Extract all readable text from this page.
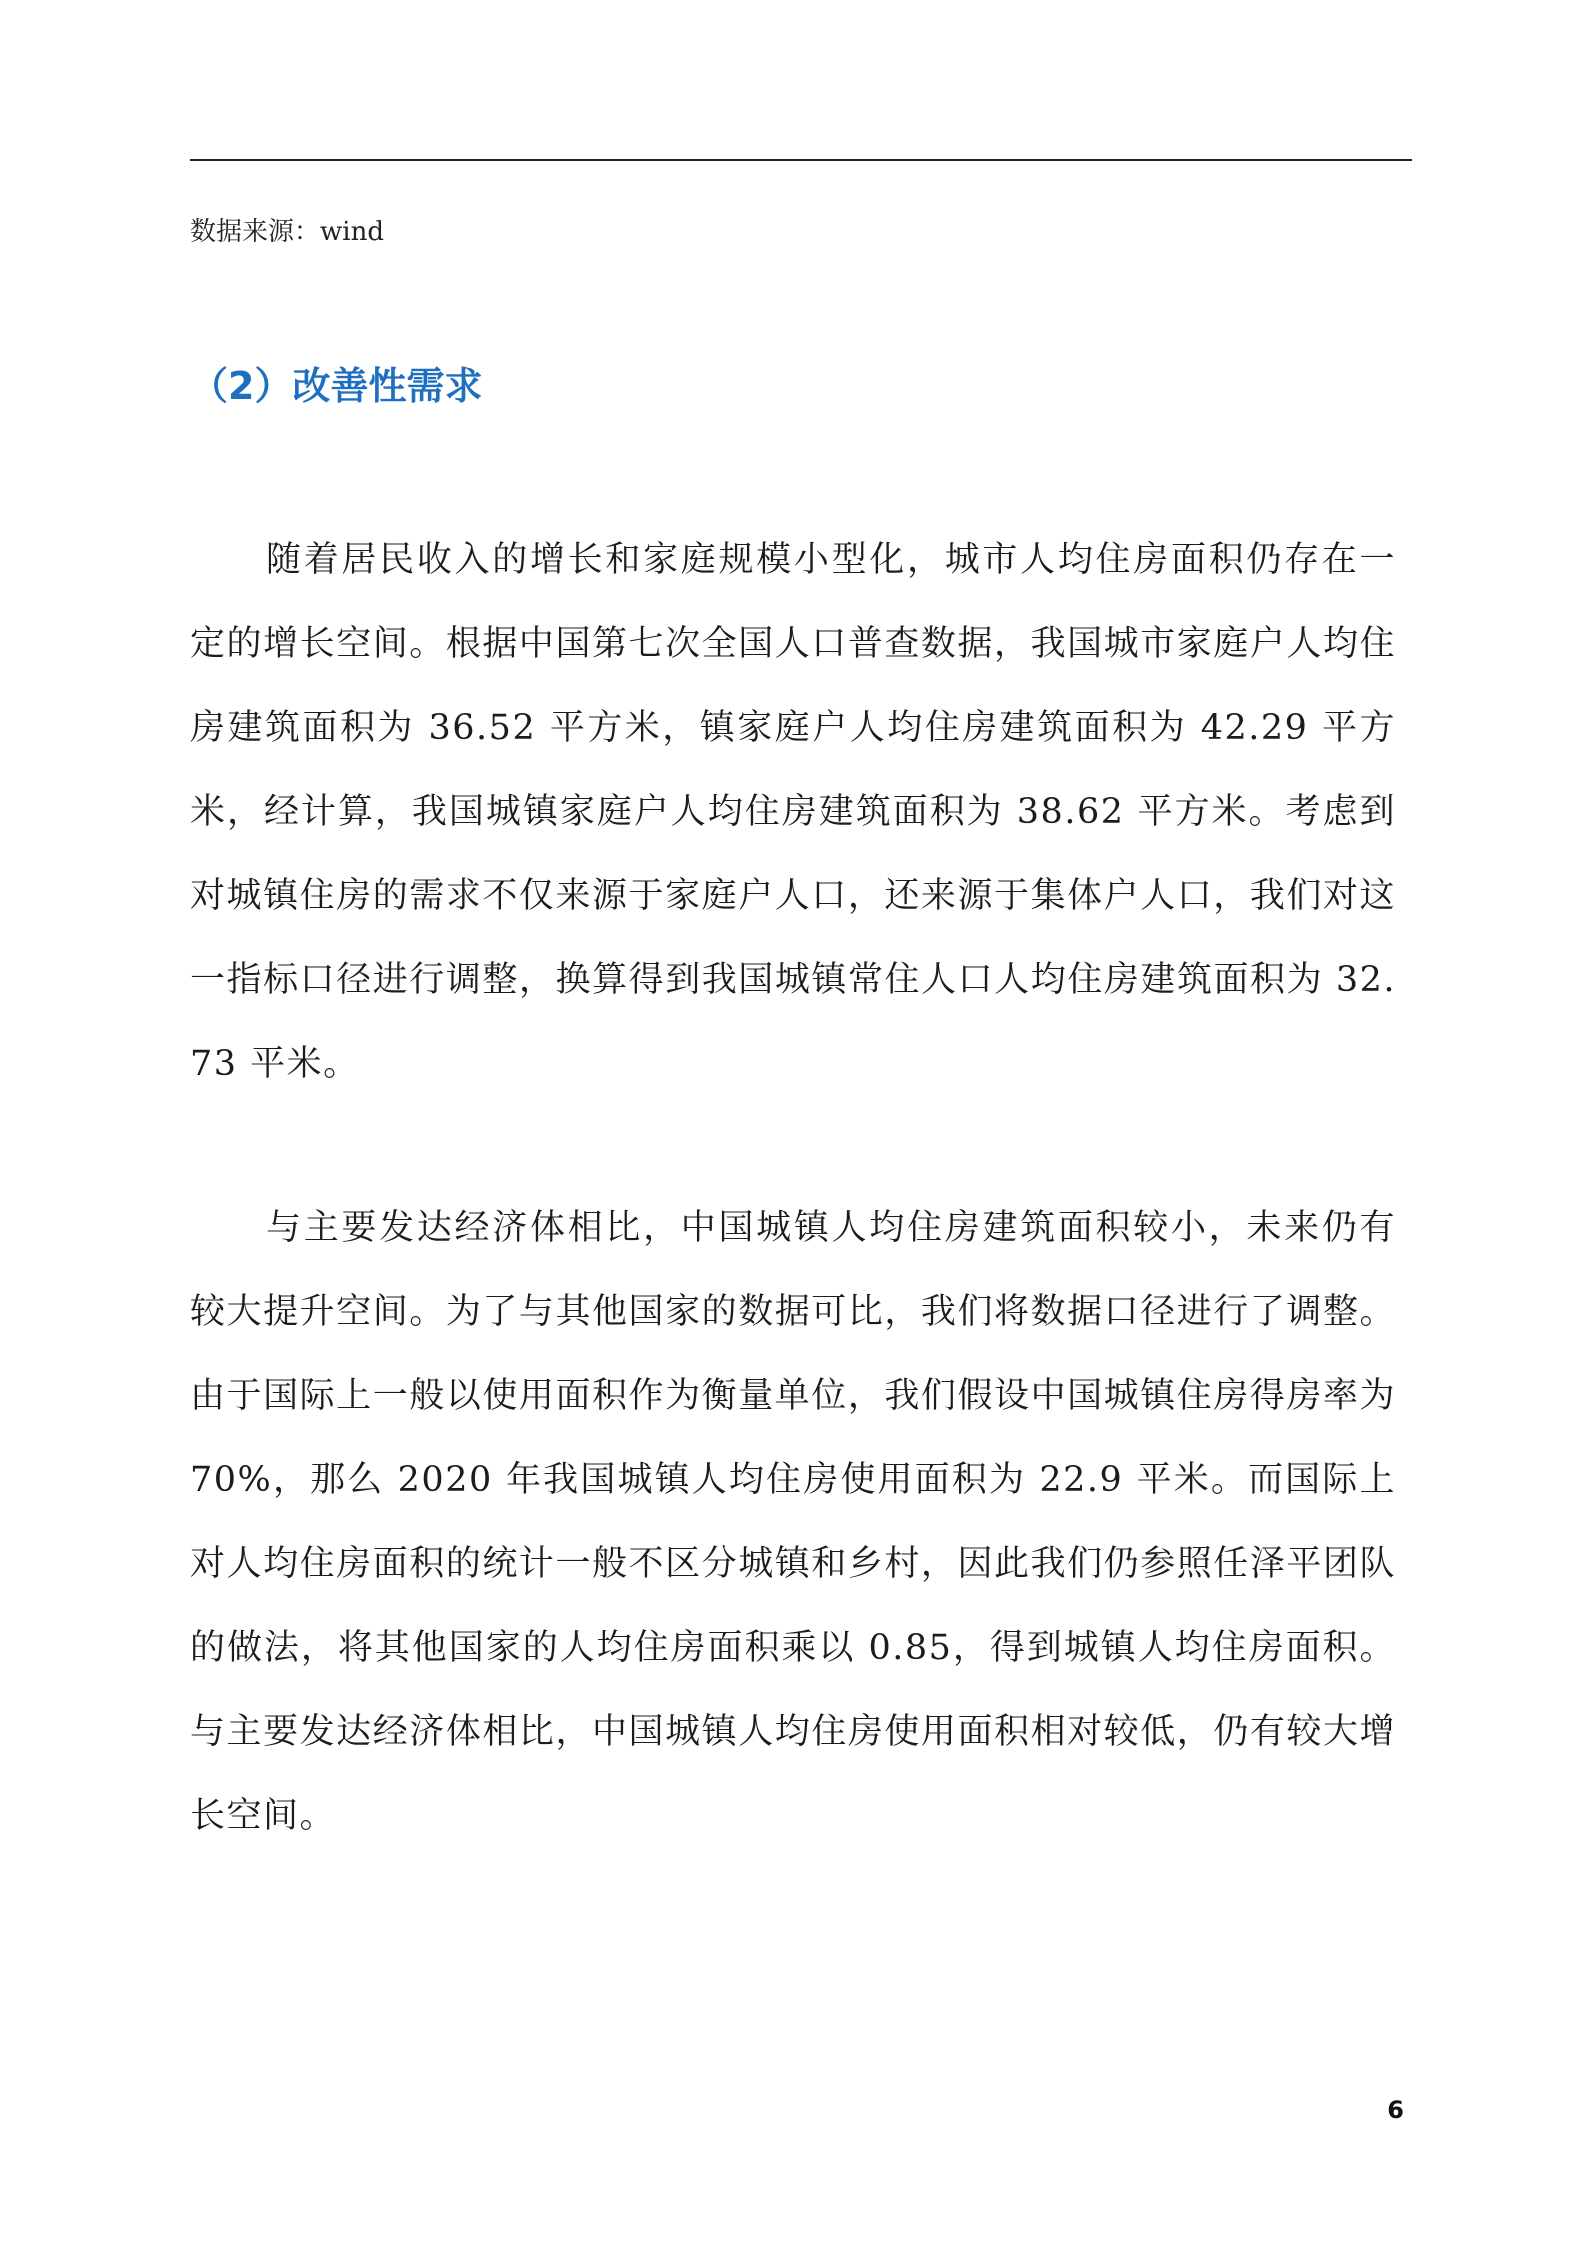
数据来源：wind
（2）改善性需求

随着居民收入的增长和家庭规模小型化，城市人均住房面积仍存在一定的增长空间。根据中国第七次全国人口普查数据，我国城市家庭户人均住房建筑面积为 36.52 平方米，镇家庭户人均住房建筑面积为 42.29 平方米，经计算，我国城镇家庭户人均住房建筑面积为 38.62 平方米。考虑到对城镇住房的需求不仅来源于家庭户人口，还来源于集体户人口，我们对这一指标口径进行调整，换算得到我国城镇常住人口人均住房建筑面积为 32.73 平米。

与主要发达经济体相比，中国城镇人均住房建筑面积较小，未来仍有较大提升空间。为了与其他国家的数据可比，我们将数据口径进行了调整。由于国际上一般以使用面积作为衡量单位，我们假设中国城镇住房得房率为 70%，那么 2020 年我国城镇人均住房使用面积为 22.9 平米。而国际上对人均住房面积的统计一般不区分城镇和乡村，因此我们仍参照任泽平团队的做法，将其他国家的人均住房面积乘以 0.85，得到城镇人均住房面积。与主要发达经济体相比，中国城镇人均住房使用面积相对较低，仍有较大增长空间。

6
